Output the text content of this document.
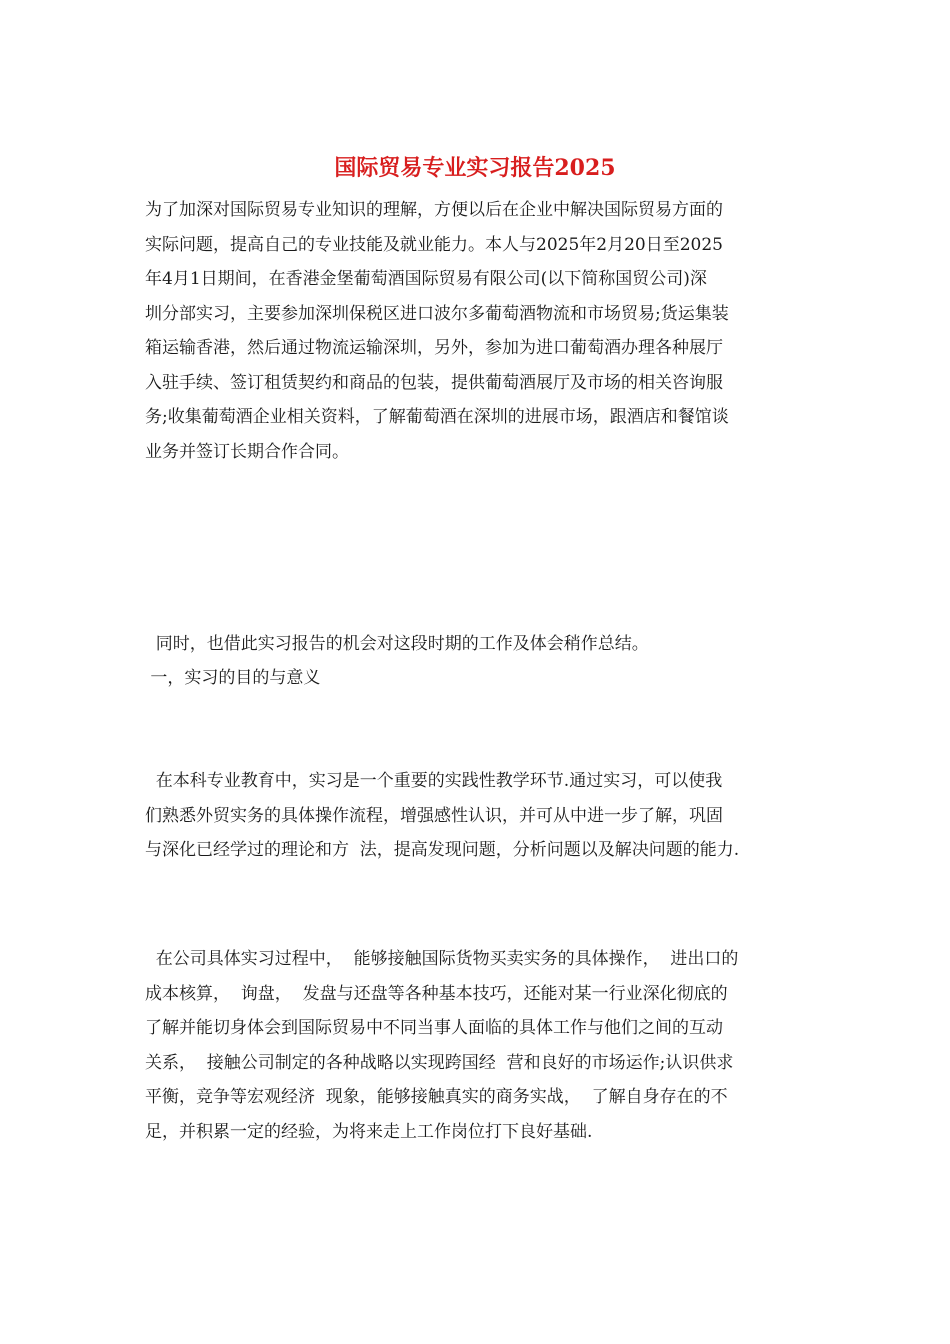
国际贸易专业实习报告2025
为了加深对国际贸易专业知识的理解，方便以后在企业中解决国际贸易方面的
实际问题，提高自己的专业技能及就业能力。本人与2025年2月20日至2025
年4月1日期间，在香港金堡葡萄酒国际贸易有限公司(以下简称国贸公司)深
圳分部实习，主要参加深圳保税区进口波尔多葡萄酒物流和市场贸易;货运集装
箱运输香港，然后通过物流运输深圳，另外，参加为进口葡萄酒办理各种展厅
入驻手续、签订租赁契约和商品的包装，提供葡萄酒展厅及市场的相关咨询服
务;收集葡萄酒企业相关资料，了解葡萄酒在深圳的进展市场，跟酒店和餐馆谈
业务并签订长期合作合同。

同时，也借此实习报告的机会对这段时期的工作及体会稍作总结。

一，实习的目的与意义
在本科专业教育中，实习是一个重要的实践性教学环节.通过实习，可以使我
们熟悉外贸实务的具体操作流程，增强感性认识，并可从中进一步了解，巩固
与深化已经学过的理论和方  法，提高发现问题，分析问题以及解决问题的能力.
在公司具体实习过程中，  能够接触国际货物买卖实务的具体操作，  进出口的
成本核算，  询盘，  发盘与还盘等各种基本技巧，还能对某一行业深化彻底的
了解并能切身体会到国际贸易中不同当事人面临的具体工作与他们之间的互动
关系，  接触公司制定的各种战略以实现跨国经  营和良好的市场运作;认识供求
平衡，竞争等宏观经济  现象，能够接触真实的商务实战，  了解自身存在的不
足，并积累一定的经验，为将来走上工作岗位打下良好基础.
